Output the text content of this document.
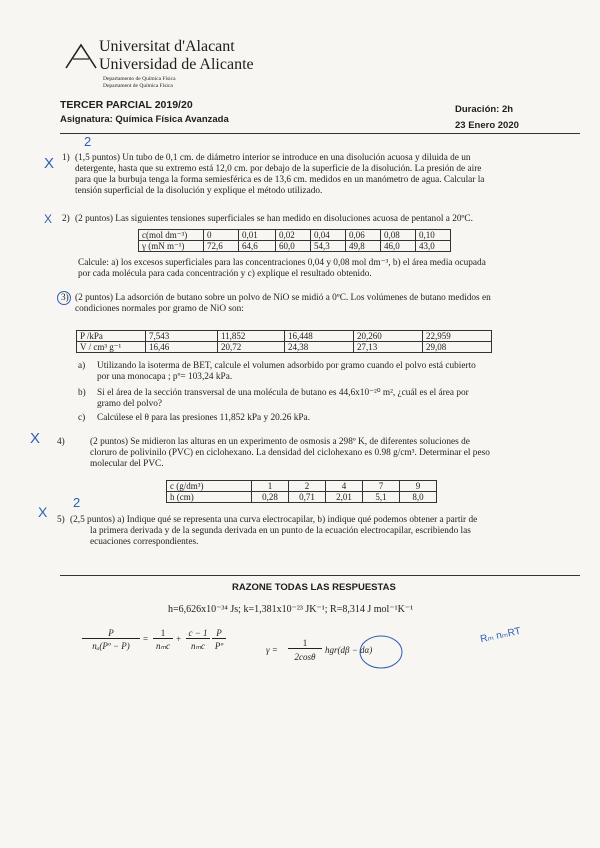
Universitat d'Alacant
Universidad de Alicante
Departamento de Química Física
Departament de Química Física
TERCER PARCIAL 2019/20
Asignatura: Química Física Avanzada
Duración: 2h
23 Enero 2020
X
2
1) (1,5 puntos) Un tubo de 0,1 cm. de diámetro interior se introduce en una disolución acuosa y diluida de un
detergente, hasta que su extremo está 12,0 cm. por debajo de la superficie de la disolución. La presión de aire
para que la burbuja tenga la forma semiesférica es de 13,6 cm. medidos en un manómetro de agua. Calcular la
tensión superficial de la disolución y explique el método utilizado.
X 2) (2 puntos) Las siguientes tensiones superficiales se han medido en disoluciones acuosa de pentanol a 20ºC.
c(mol dm⁻³)	0	0,01	0,02	0,04	0,06	0,08	0,10
γ (mN m⁻¹)	72,6	64,6	60,0	54,3	49,8	46,0	43,0
Calcule: a) los excesos superficiales para las concentraciones 0,04 y 0,08 mol dm⁻³, b) el área media ocupada
por cada molécula para cada concentración y c) explique el resultado obtenido.
3) (2 puntos) La adsorción de butano sobre un polvo de NiO se midió a 0ºC. Los volúmenes de butano medidos en
condiciones normales por gramo de NiO son:
P /kPa	7,543	11,852	16,448	20,260	22,959
V / cm³ g⁻¹	16,46	20,72	24,38	27,13	29,08
a) Utilizando la isoterma de BET, calcule el volumen adsorbido por gramo cuando el polvo está cubierto
por una monocapa ; pº= 103,24 kPa.
b) Si el área de la sección transversal de una molécula de butano es 44,6x10⁻²⁰ m², ¿cuál es el área por
gramo del polvo?
c) Calcúlese el θ para las presiones 11,852 kPa y 20.26 kPa.
X 4)	(2 puntos) Se midieron las alturas en un experimento de osmosis a 298º K, de diferentes soluciones de
cloruro de polivinilo (PVC) en ciclohexano. La densidad del ciclohexano es 0.98 g/cm³. Determinar el peso
molecular del PVC.
c (g/dm³)	1	2	4	7	9
h (cm)	0,28	0,71	2,01	5,1	8,0
X
2
5) (2,5 puntos) a) Indique qué se representa una curva electrocapilar, b) indique qué podemos obtener a partir de
la primera derivada y de la segunda derivada en un punto de la ecuación electrocapilar, escribiendo las
ecuaciones correspondientes.
RAZONE TODAS LAS RESPUESTAS
h=6,626x10⁻³⁴ Js; k=1,381x10⁻²³ JK⁻¹; R=8,314 J mol⁻¹K⁻¹
P
nₐ(Pº − P)
=
1
nₘc
+
c − 1
nₘc
P
Pº	γ =
1
2cosθ
hgr(dβ − dα)
Rₘ nₘRT
